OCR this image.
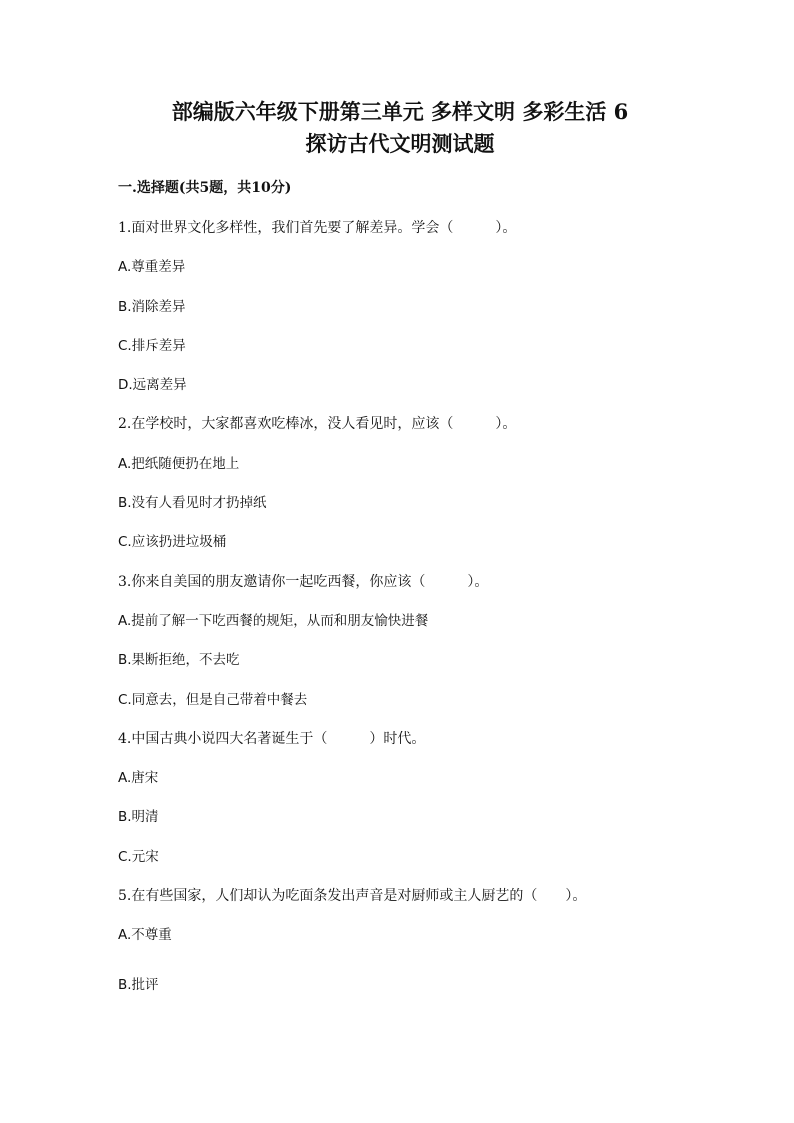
部编版六年级下册第三单元 多样文明 多彩生活 6
探访古代文明测试题
一.选择题(共5题，共10分)
1.面对世界文化多样性，我们首先要了解差异。学会（　　　）。
A.尊重差异
B.消除差异
C.排斥差异
D.远离差异
2.在学校时，大家都喜欢吃棒冰，没人看见时，应该（　　　）。
A.把纸随便扔在地上
B.没有人看见时才扔掉纸
C.应该扔进垃圾桶
3.你来自美国的朋友邀请你一起吃西餐，你应该（　　　）。
A.提前了解一下吃西餐的规矩，从而和朋友愉快进餐
B.果断拒绝，不去吃
C.同意去，但是自己带着中餐去
4.中国古典小说四大名著诞生于（　　　）时代。
A.唐宋
B.明清
C.元宋
5.在有些国家，人们却认为吃面条发出声音是对厨师或主人厨艺的（　　）。
A.不尊重
B.批评
